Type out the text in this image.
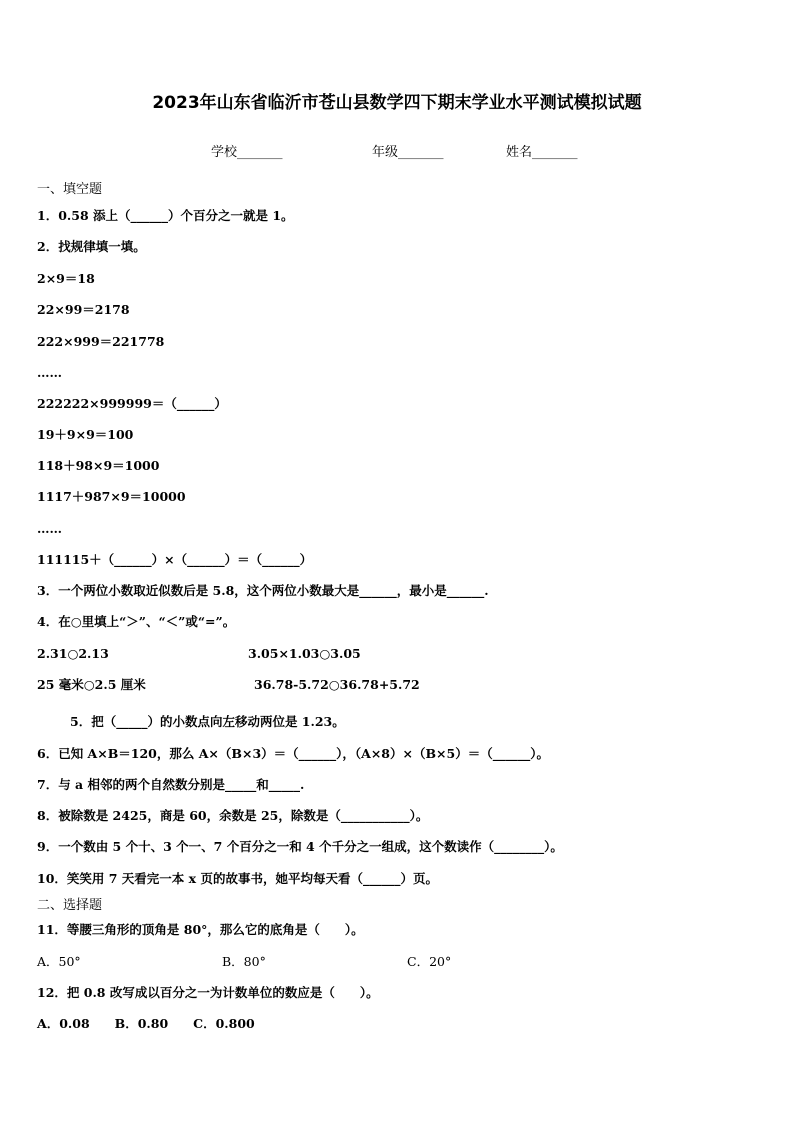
2023年山东省临沂市苍山县数学四下期末学业水平测试模拟试题
学校_______	年级_______	姓名_______
一、填空题
1．0.58 添上（______）个百分之一就是 1。
2．找规律填一填。
2×9＝18
22×99＝2178
222×999＝221778
……
222222×999999＝（______）
19＋9×9＝100
118＋98×9＝1000
1117＋987×9＝10000
……
111115＋（______）×（______）＝（______）
3．一个两位小数取近似数后是 5.8，这个两位小数最大是______，最小是______.
4．在○里填上“＞”、“＜”或“=”。
2.31○2.13	3.05×1.03○3.05
25 毫米○2.5 厘米	36.78-5.72○36.78+5.72
5．把（_____）的小数点向左移动两位是 1.23。
6．已知 A×B＝120，那么 A×（B×3）＝（______），（A×8）×（B×5）＝（______）。
7．与 a 相邻的两个自然数分别是_____和_____.
8．被除数是 2425，商是 60，余数是 25，除数是（___________）。
9．一个数由 5 个十、3 个一、7 个百分之一和 4 个千分之一组成，这个数读作（________）。
10．笑笑用 7 天看完一本 x 页的故事书，她平均每天看（______）页。
二、选择题
11．等腰三角形的顶角是 80°，那么它的底角是（　　）。
A．50°	B．80°	C．20°
12．把 0.8 改写成以百分之一为计数单位的数应是（　　）。
A．0.08　　B．0.80　　C．0.800
